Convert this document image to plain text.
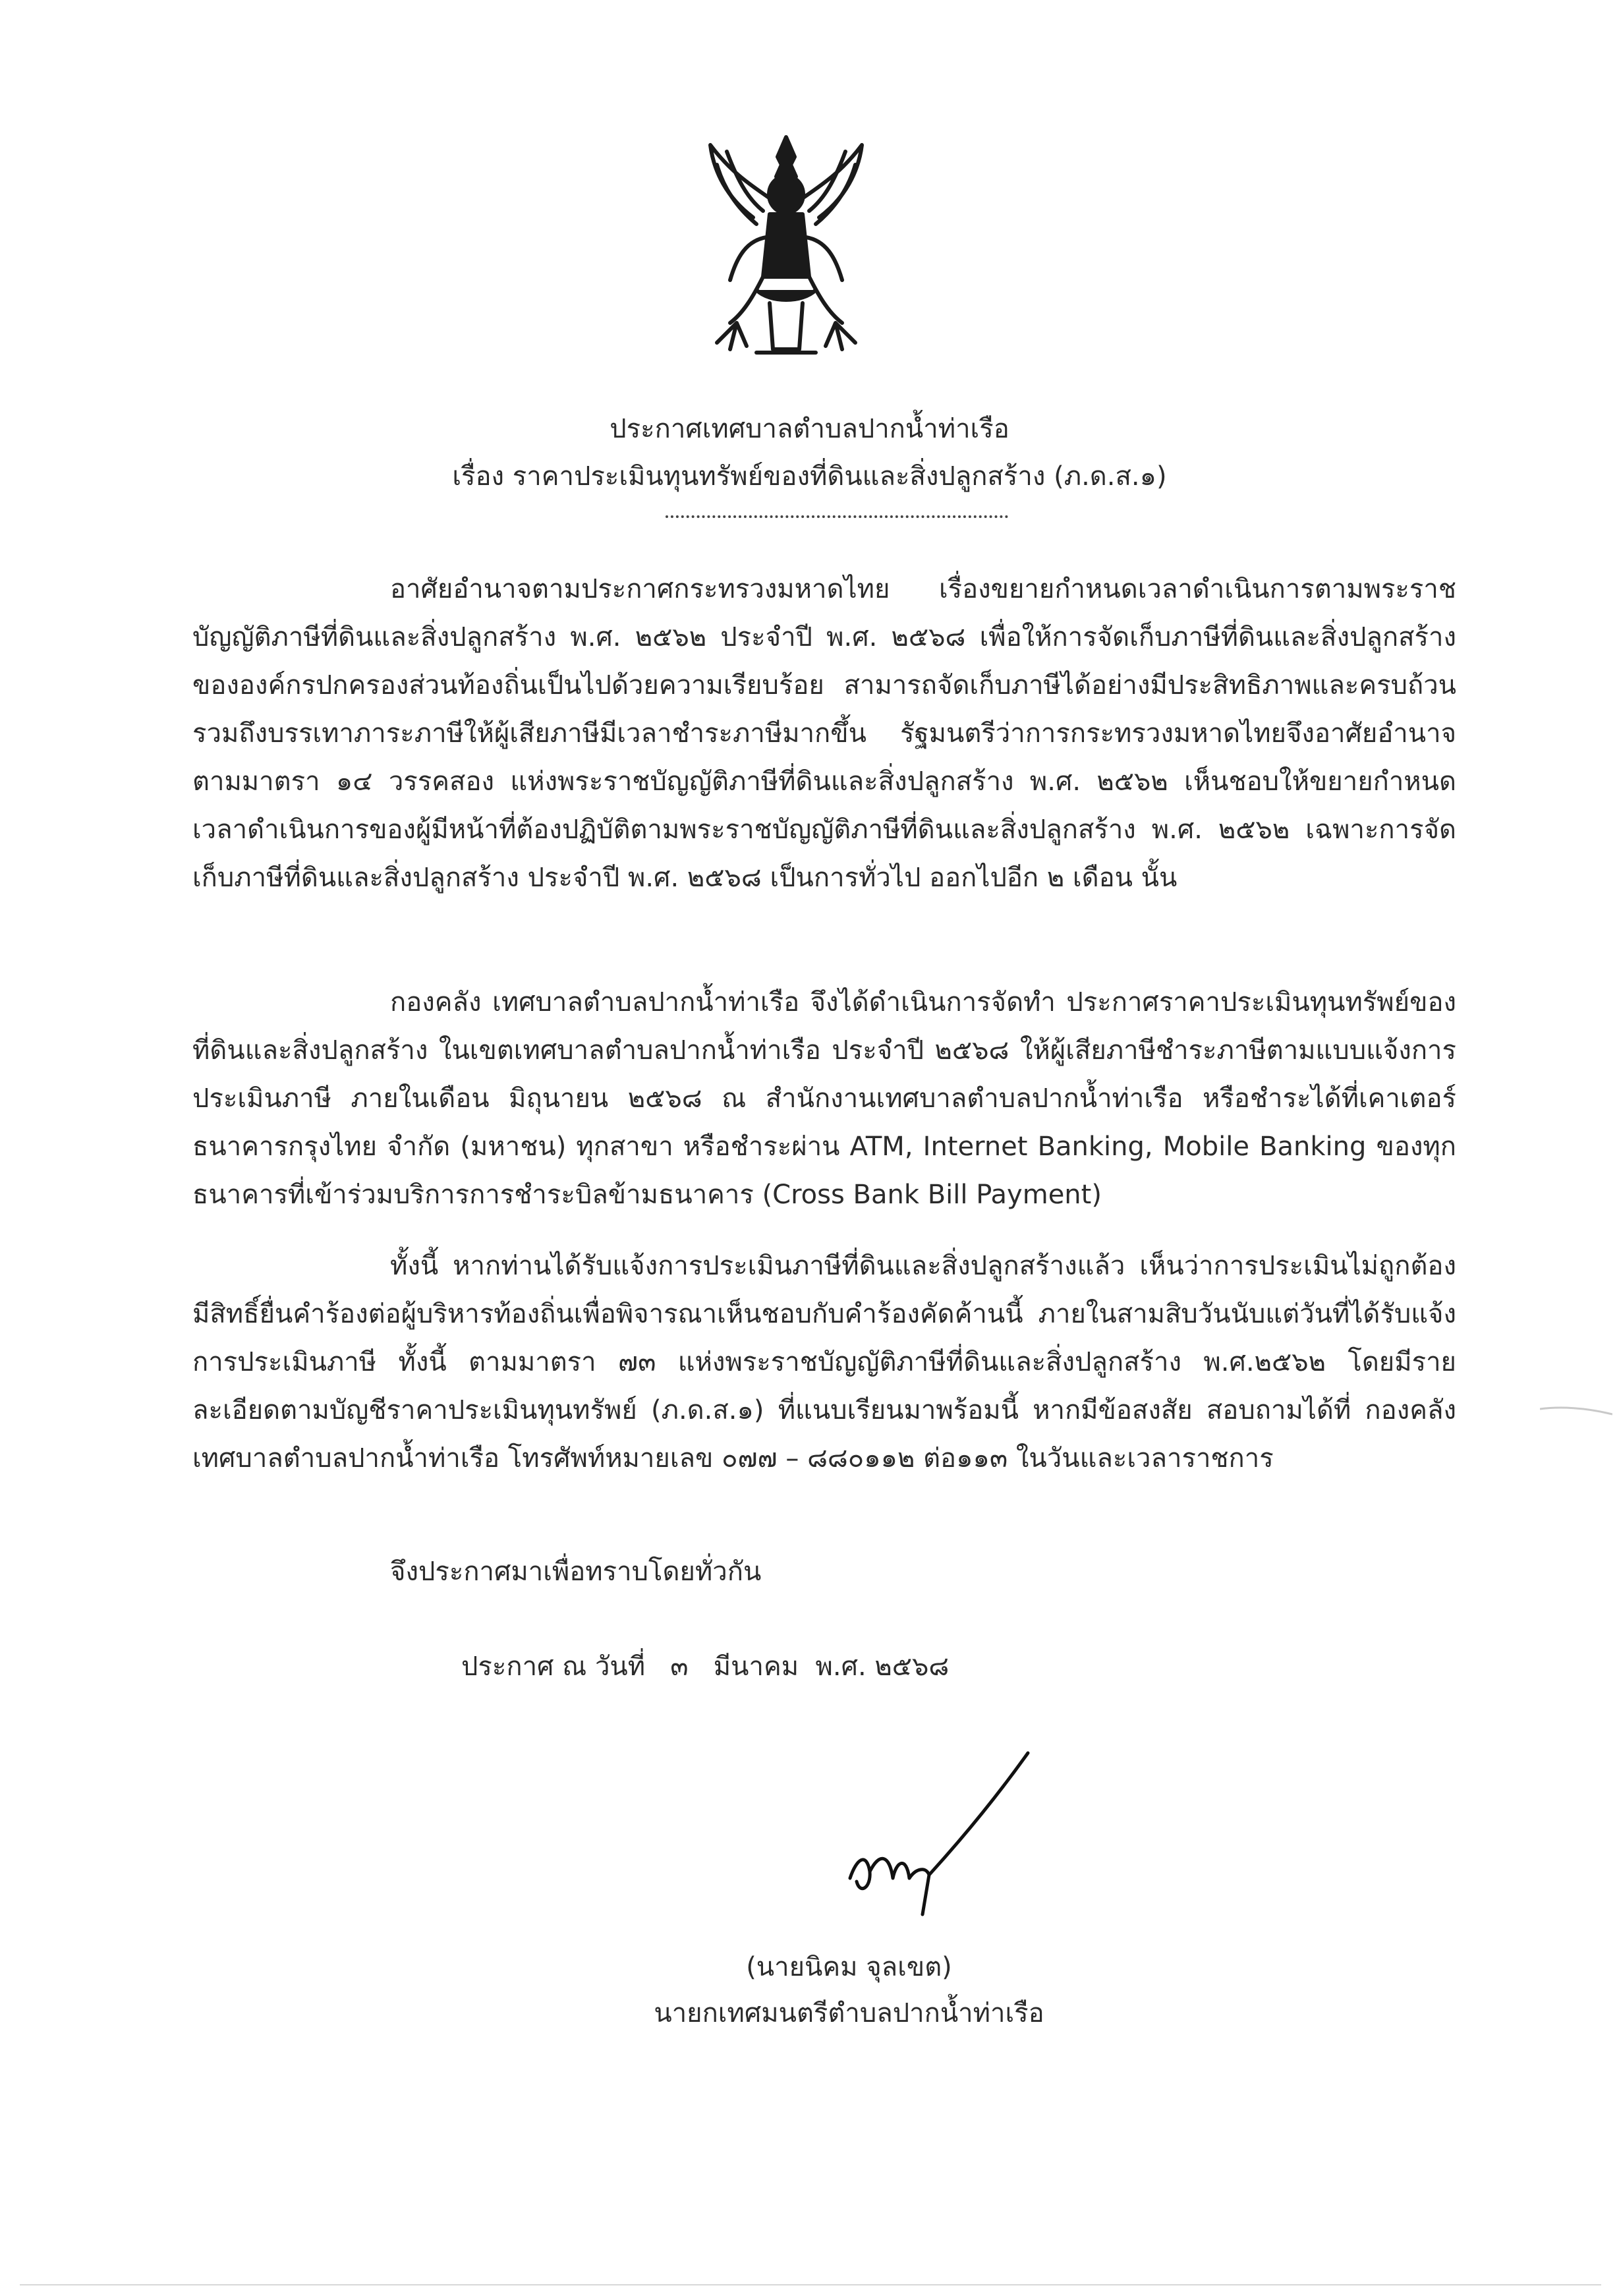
ประกาศเทศบาลตำบลปากน้ำท่าเรือ
เรื่อง ราคาประเมินทุนทรัพย์ของที่ดินและสิ่งปลูกสร้าง (ภ.ด.ส.๑)
อาศัยอำนาจตามประกาศกระทรวงมหาดไทย เรื่องขยายกำหนดเวลาดำเนินการตามพระราชบัญญัติภาษีที่ดินและสิ่งปลูกสร้าง พ.ศ. ๒๕๖๒ ประจำปี พ.ศ. ๒๕๖๘ เพื่อให้การจัดเก็บภาษีที่ดินและสิ่งปลูกสร้างขององค์กรปกครองส่วนท้องถิ่นเป็นไปด้วยความเรียบร้อย สามารถจัดเก็บภาษีได้อย่างมีประสิทธิภาพและครบถ้วน รวมถึงบรรเทาภาระภาษีให้ผู้เสียภาษีมีเวลาชำระภาษีมากขึ้น รัฐมนตรีว่าการกระทรวงมหาดไทยจึงอาศัยอำนาจตามมาตรา ๑๔ วรรคสอง แห่งพระราชบัญญัติภาษีที่ดินและสิ่งปลูกสร้าง พ.ศ. ๒๕๖๒ เห็นชอบให้ขยายกำหนดเวลาดำเนินการของผู้มีหน้าที่ต้องปฏิบัติตามพระราชบัญญัติภาษีที่ดินและสิ่งปลูกสร้าง พ.ศ. ๒๕๖๒ เฉพาะการจัดเก็บภาษีที่ดินและสิ่งปลูกสร้าง ประจำปี พ.ศ. ๒๕๖๘ เป็นการทั่วไป ออกไปอีก ๒ เดือน นั้น
กองคลัง เทศบาลตำบลปากน้ำท่าเรือ จึงได้ดำเนินการจัดทำ ประกาศราคาประเมินทุนทรัพย์ของที่ดินและสิ่งปลูกสร้าง ในเขตเทศบาลตำบลปากน้ำท่าเรือ ประจำปี ๒๕๖๘ ให้ผู้เสียภาษีชำระภาษีตามแบบแจ้งการประเมินภาษี ภายในเดือน มิถุนายน ๒๕๖๘ ณ สำนักงานเทศบาลตำบลปากน้ำท่าเรือ หรือชำระได้ที่เคาเตอร์ ธนาคารกรุงไทย จำกัด (มหาชน) ทุกสาขา หรือชำระผ่าน ATM, Internet Banking, Mobile Banking ของทุกธนาคารที่เข้าร่วมบริการการชำระบิลข้ามธนาคาร (Cross Bank Bill Payment)
ทั้งนี้ หากท่านได้รับแจ้งการประเมินภาษีที่ดินและสิ่งปลูกสร้างแล้ว เห็นว่าการประเมินไม่ถูกต้อง มีสิทธิ์ยื่นคำร้องต่อผู้บริหารท้องถิ่นเพื่อพิจารณาเห็นชอบกับคำร้องคัดค้านนี้ ภายในสามสิบวันนับแต่วันที่ได้รับแจ้งการประเมินภาษี ทั้งนี้ ตามมาตรา ๗๓ แห่งพระราชบัญญัติภาษีที่ดินและสิ่งปลูกสร้าง พ.ศ.๒๕๖๒ โดยมีรายละเอียดตามบัญชีราคาประเมินทุนทรัพย์ (ภ.ด.ส.๑) ที่แนบเรียนมาพร้อมนี้ หากมีข้อสงสัย สอบถามได้ที่ กองคลัง เทศบาลตำบลปากน้ำท่าเรือ โทรศัพท์หมายเลข ๐๗๗ – ๘๘๐๑๑๒ ต่อ๑๑๓ ในวันและเวลาราชการ
จึงประกาศมาเพื่อทราบโดยทั่วกัน
ประกาศ ณ วันที่   ๓   มีนาคม  พ.ศ. ๒๕๖๘
(นายนิคม จุลเขต)
นายกเทศมนตรีตำบลปากน้ำท่าเรือ
